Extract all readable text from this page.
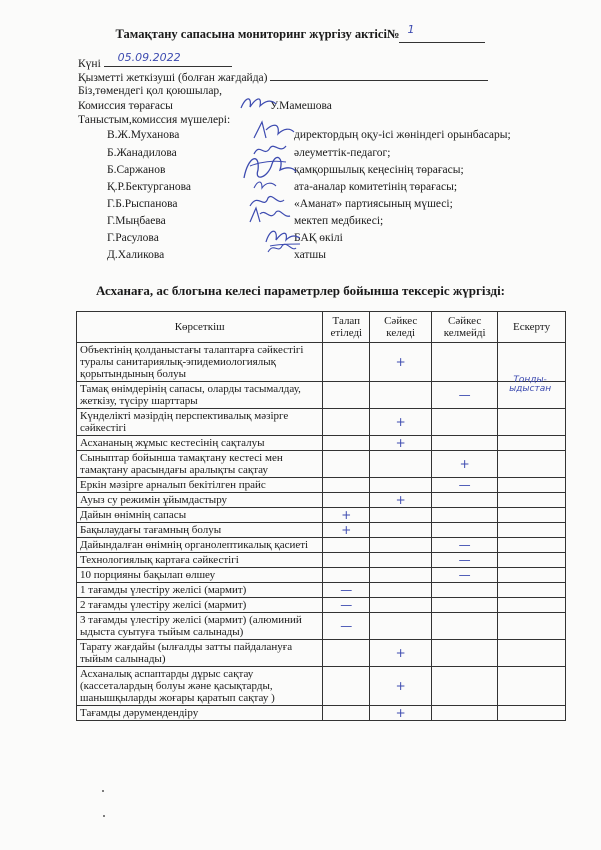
Тамақтану сапасына мониторинг жүргізу актісі№ 1

Күні 05.09.2022
Қызметті жеткізуші (болған жағдайда)
Біз,төмендегі қол қоюшылар,
Комиссия төрағасы	У.Мамешова
Таныстым,комиссия мүшелері:
В.Ж.Муханова	директордың оқу-ісі жөніндегі орынбасары;
Б.Жанадилова	әлеуметтік-педагог;
Б.Саржанов	қамқоршылық кеңесінің төрағасы;
Қ.Р.Бектурганова	ата-аналар комитетінің төрағасы;
Г.Б.Рыспанова	«Аманат» партиясының мүшесі;
Г.Мыңбаева	мектеп медбикесі;
Г.Расулова	БАҚ өкілі
Д.Халикова	хатшы
Асханаға, ас блогына келесі параметрлер бойынша тексеріс жүргізді:
Көрсеткіш	Талап етіледі	Сәйкес келеді	Сәйкес келмейді	Ескерту
Объектінің қолданыстағы талаптарға сәйкестігі туралы санитариялық-эпидемиологиялық қорытындының болуы		+		
Тамақ өнімдерінің сапасы, оларды тасымалдау, жеткізу, түсіру шарттары			—	Тонды- ыдыстан

Күнделікті мәзірдің перспективалық мәзірге сәйкестігі		+		
Асхананың жұмыс кестесінің сақталуы		+		
Сыныптар бойынша тамақтану кестесі мен тамақтану арасындағы аралықты сақтау			+	
Еркін мәзірге арналып бекітілген прайс			—	
Ауыз су режимін ұйымдастыру		+		
Дайын өнімнің сапасы	+			
Бақылаудағы тағамның болуы	+			
Дайындалған өнімнің органолептикалық қасиеті			—	
Технологиялық картаға сәйкестігі			—	
10 порцияны бақылап өлшеу			—	
1 тағамды үлестіру желісі (мармит)	—			
2 тағамды үлестіру желісі (мармит)	—			
3 тағамды үлестіру желісі (мармит) (алюминий ыдыста суытуға тыйым салынады)	—			
Тарату жағдайы (ылғалды затты пайдалануға тыйым салынады)		+		
Асханалық аспаптарды дұрыс сақтау (кассеталардың болуы және қасықтарды, шанышқыларды жоғары қаратып сақтау )		+		
Тағамды дәрумендендіру		+		
